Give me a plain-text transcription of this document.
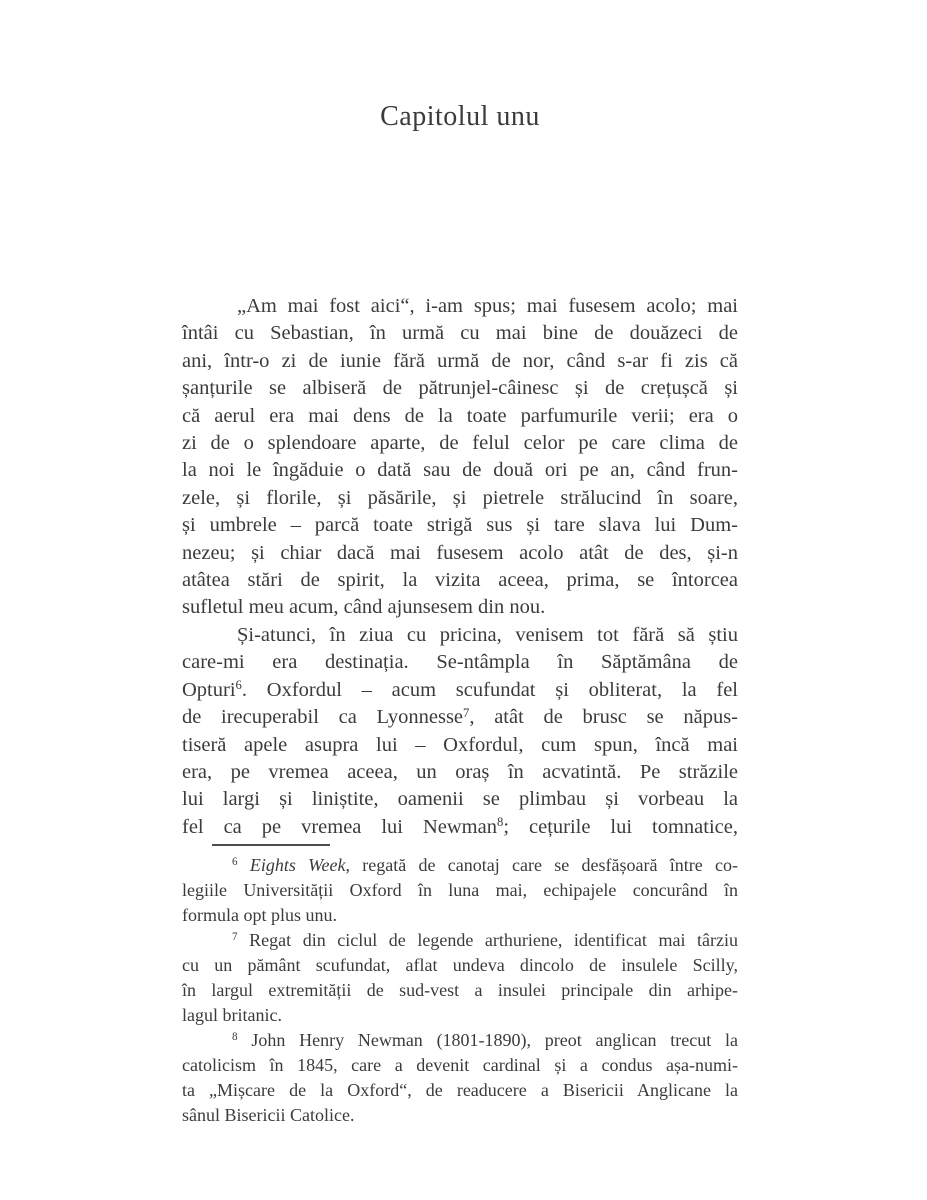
Capitolul unu
„Am mai fost aici“, i-am spus; mai fusesem acolo; mai
întâi cu Sebastian, în urmă cu mai bine de douăzeci de
ani, într-o zi de iunie fără urmă de nor, când s-ar fi zis că
șanțurile se albiseră de pătrunjel-câinesc și de crețușcă și
că aerul era mai dens de la toate parfumurile verii; era o
zi de o splendoare aparte, de felul celor pe care clima de
la noi le îngăduie o dată sau de două ori pe an, când frun-
zele, și florile, și păsările, și pietrele strălucind în soare,
și umbrele – parcă toate strigă sus și tare slava lui Dum-
nezeu; și chiar dacă mai fusesem acolo atât de des, și-n
atâtea stări de spirit, la vizita aceea, prima, se întorcea
sufletul meu acum, când ajunsesem din nou.
Și-atunci, în ziua cu pricina, venisem tot fără să știu
care-mi era destinația. Se-ntâmpla în Săptămâna de
Opturi$^6$. Oxfordul – acum scufundat și obliterat, la fel
de irecuperabil ca Lyonnesse$^7$, atât de brusc se năpus-
tiseră apele asupra lui – Oxfordul, cum spun, încă mai
era, pe vremea aceea, un oraș în acvatintă. Pe străzile
lui largi și liniștite, oamenii se plimbau și vorbeau la
fel ca pe vremea lui Newman$^8$; cețurile lui tomnatice,
$^6$ Eights Week, regată de canotaj care se desfășoară între co-
legiile Universității Oxford în luna mai, echipajele concurând în
formula opt plus unu.
$^7$ Regat din ciclul de legende arthuriene, identificat mai târziu
cu un pământ scufundat, aflat undeva dincolo de insulele Scilly,
în largul extremității de sud-vest a insulei principale din arhipe-
lagul britanic.
$^8$ John Henry Newman (1801-1890), preot anglican trecut la
catolicism în 1845, care a devenit cardinal și a condus așa-numi-
ta „Mișcare de la Oxford“, de readucere a Bisericii Anglicane la
sânul Bisericii Catolice.
